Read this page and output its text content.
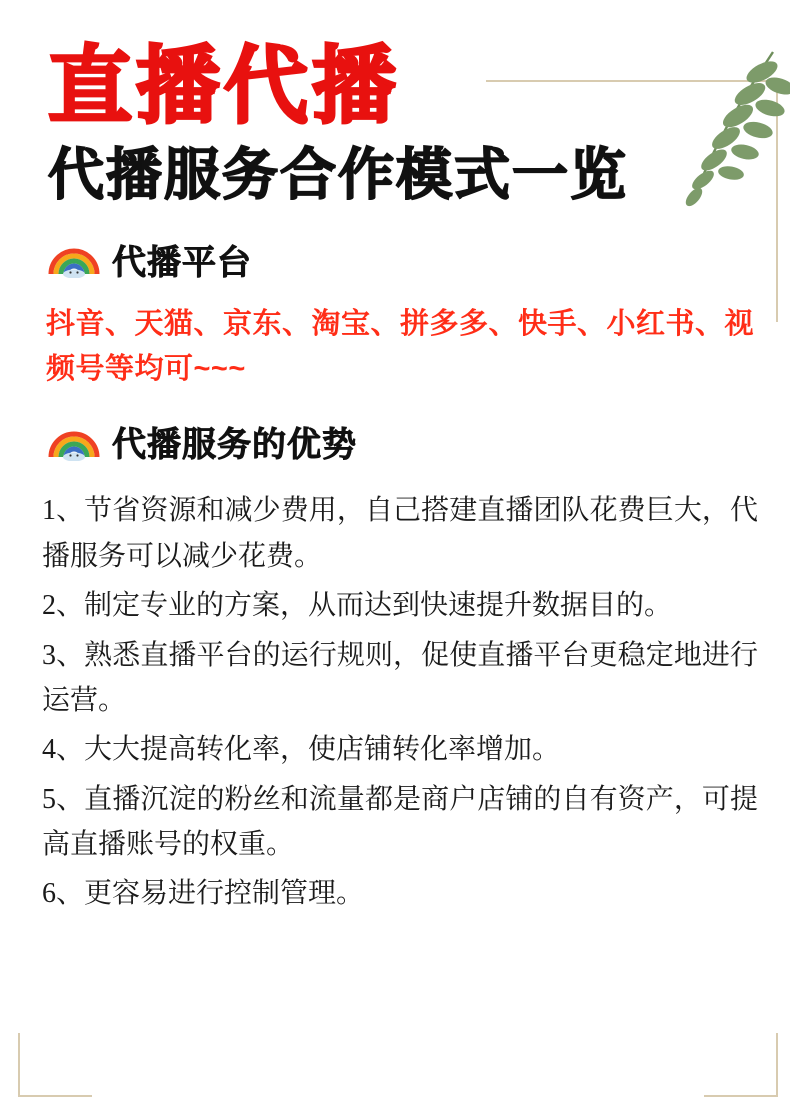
直播代播
代播服务合作模式一览
代播平台

抖音、天猫、京东、淘宝、拼多多、快手、小红书、视频号等均可~~~

代播服务的优势
1、节省资源和减少费用，自己搭建直播团队花费巨大，代播服务可以减少花费。
2、制定专业的方案，从而达到快速提升数据目的。
3、熟悉直播平台的运行规则，促使直播平台更稳定地进行运营。
4、大大提高转化率，使店铺转化率增加。
5、直播沉淀的粉丝和流量都是商户店铺的自有资产，可提高直播账号的权重。
6、更容易进行控制管理。
